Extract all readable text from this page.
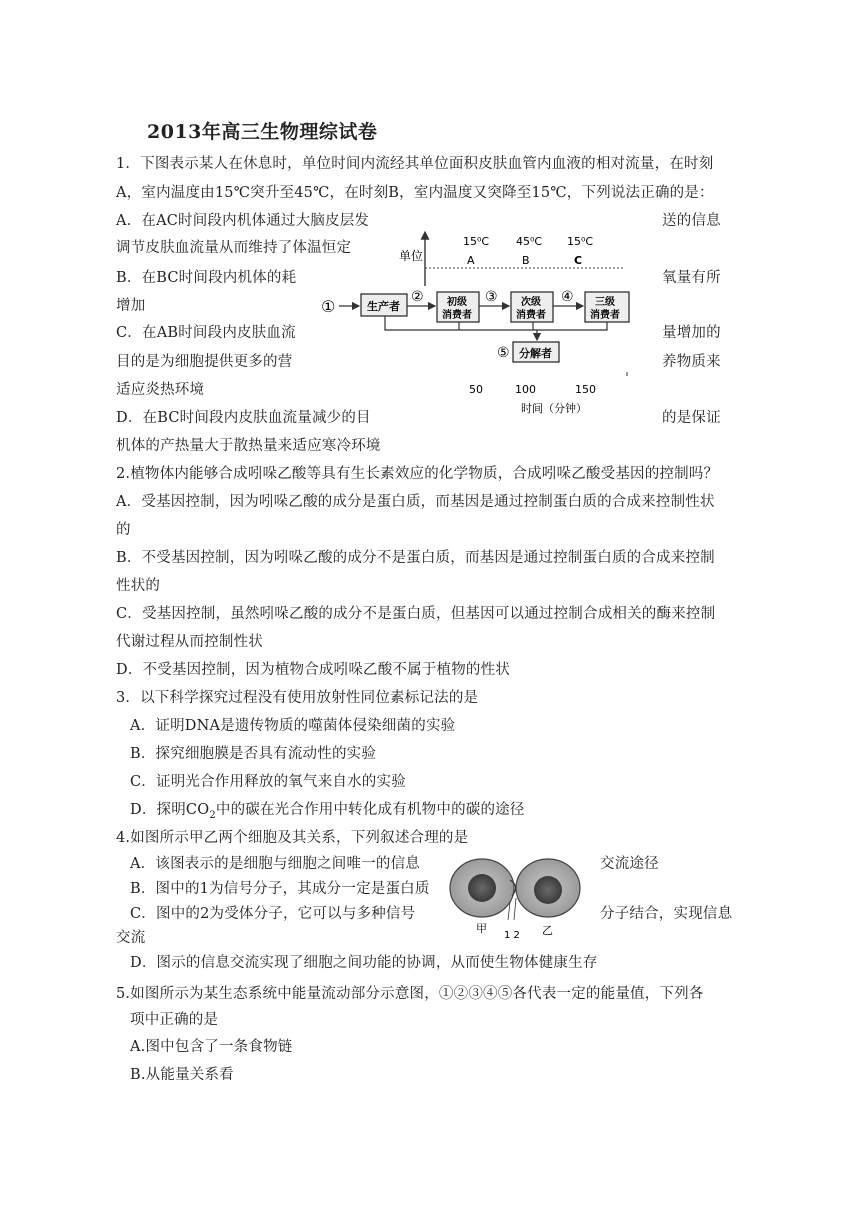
2013年高三生物理综试卷
1．下图表示某人在休息时，单位时间内流经其单位面积皮肤血管内血液的相对流量，在时刻
A，室内温度由15℃突升至45℃，在时刻B，室内温度又突降至15℃，下列说法正确的是：
A．在AC时间段内机体通过大脑皮层发	送的信息
调节皮肤血流量从而维持了体温恒定
B．在BC时间段内机体的耗	氧量有所
增加
C．在AB时间段内皮肤血流	量增加的
目的是为细胞提供更多的营	养物质来
适应炎热环境
D．在BC时间段内皮肤血流量减少的目	的是保证
机体的产热量大于散热量来适应寒冷环境
单位
15⁰C 45⁰C 15⁰C
A	B	C
①	生产者
② 初级
消费者
③ 次级
消费者
④ 三级
消费者
⑤ 分解者
50	100	150
时间（分钟）
2.植物体内能够合成吲哚乙酸等具有生长素效应的化学物质，合成吲哚乙酸受基因的控制吗？
A．受基因控制，因为吲哚乙酸的成分是蛋白质，而基因是通过控制蛋白质的合成来控制性状
的
B．不受基因控制，因为吲哚乙酸的成分不是蛋白质，而基因是通过控制蛋白质的合成来控制
性状的
C．受基因控制，虽然吲哚乙酸的成分不是蛋白质，但基因可以通过控制合成相关的酶来控制
代谢过程从而控制性状
D．不受基因控制，因为植物合成吲哚乙酸不属于植物的性状
3．以下科学探究过程没有使用放射性同位素标记法的是
A．证明DNA是遗传物质的噬菌体侵染细菌的实验
B．探究细胞膜是否具有流动性的实验
C．证明光合作用释放的氧气来自水的实验
D．探明$CO_2$中的碳在光合作用中转化成有机物中的碳的途径
4.如图所示甲乙两个细胞及其关系，下列叙述合理的是
A．该图表示的是细胞与细胞之间唯一的信息	交流途径
B．图中的1为信号分子，其成分一定是蛋白质
C．图中的2为受体分子，它可以与多种信号	分子结合，实现信息
交流
D．图示的信息交流实现了细胞之间功能的协调，从而使生物体健康生存
甲
1 2 乙
5.如图所示为某生态系统中能量流动部分示意图，①②③④⑤各代表一定的能量值，下列各
项中正确的是
A.图中包含了一条食物链
B.从能量关系看
